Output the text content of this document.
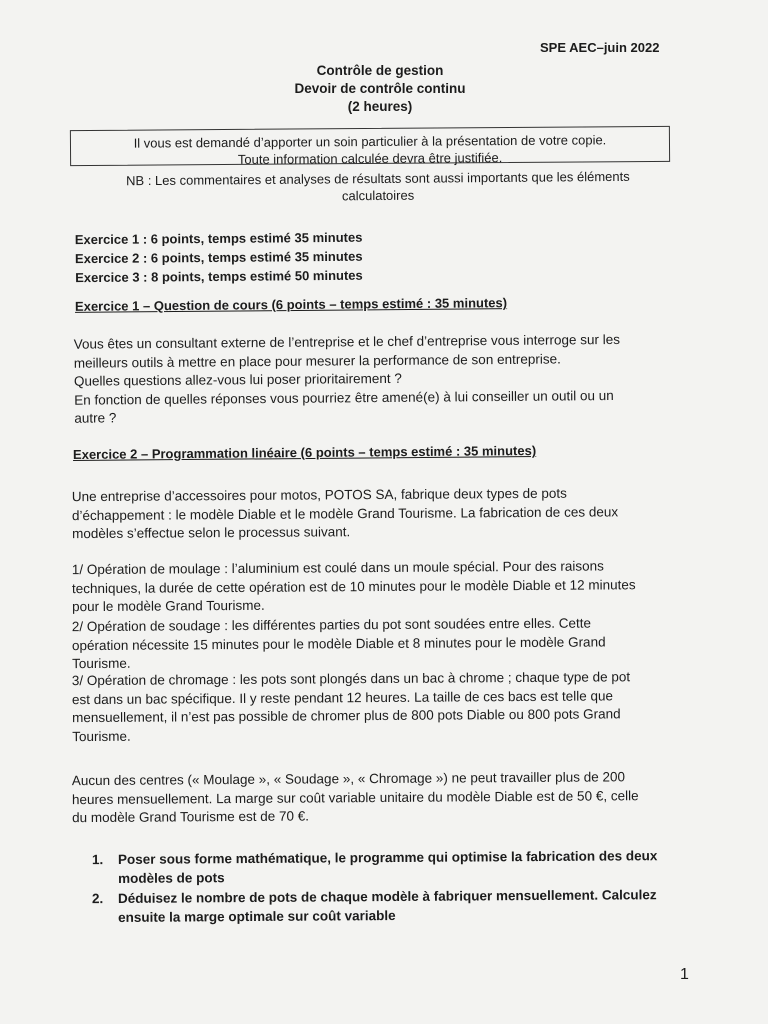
SPE AEC–juin 2022
Contrôle de gestion
Devoir de contrôle continu
(2 heures)
Il vous est demandé d’apporter un soin particulier à la présentation de votre copie.
Toute information calculée devra être justifiée.
NB : Les commentaires et analyses de résultats sont aussi importants que les éléments
calculatoires
Exercice 1 : 6 points, temps estimé 35 minutes
Exercice 2 : 6 points, temps estimé 35 minutes
Exercice 3 : 8 points, temps estimé 50 minutes
Exercice 1 – Question de cours (6 points – temps estimé : 35 minutes)
Vous êtes un consultant externe de l’entreprise et le chef d’entreprise vous interroge sur les
meilleurs outils à mettre en place pour mesurer la performance de son entreprise.
Quelles questions allez-vous lui poser prioritairement ?
En fonction de quelles réponses vous pourriez être amené(e) à lui conseiller un outil ou un
autre ?
Exercice 2 – Programmation linéaire (6 points – temps estimé : 35 minutes)
Une entreprise d’accessoires pour motos, POTOS SA, fabrique deux types de pots
d’échappement : le modèle Diable et le modèle Grand Tourisme. La fabrication de ces deux
modèles s’effectue selon le processus suivant.
1/ Opération de moulage : l’aluminium est coulé dans un moule spécial. Pour des raisons
techniques, la durée de cette opération est de 10 minutes pour le modèle Diable et 12 minutes
pour le modèle Grand Tourisme.
2/ Opération de soudage : les différentes parties du pot sont soudées entre elles. Cette
opération nécessite 15 minutes pour le modèle Diable et 8 minutes pour le modèle Grand
Tourisme.
3/ Opération de chromage : les pots sont plongés dans un bac à chrome ; chaque type de pot
est dans un bac spécifique. Il y reste pendant 12 heures. La taille de ces bacs est telle que
mensuellement, il n’est pas possible de chromer plus de 800 pots Diable ou 800 pots Grand
Tourisme.
Aucun des centres (« Moulage », « Soudage », « Chromage ») ne peut travailler plus de 200
heures mensuellement. La marge sur coût variable unitaire du modèle Diable est de 50 €, celle
du modèle Grand Tourisme est de 70 €.
1.	Poser sous forme mathématique, le programme qui optimise la fabrication des deux
modèles de pots
2.	Déduisez le nombre de pots de chaque modèle à fabriquer mensuellement. Calculez
ensuite la marge optimale sur coût variable
1
